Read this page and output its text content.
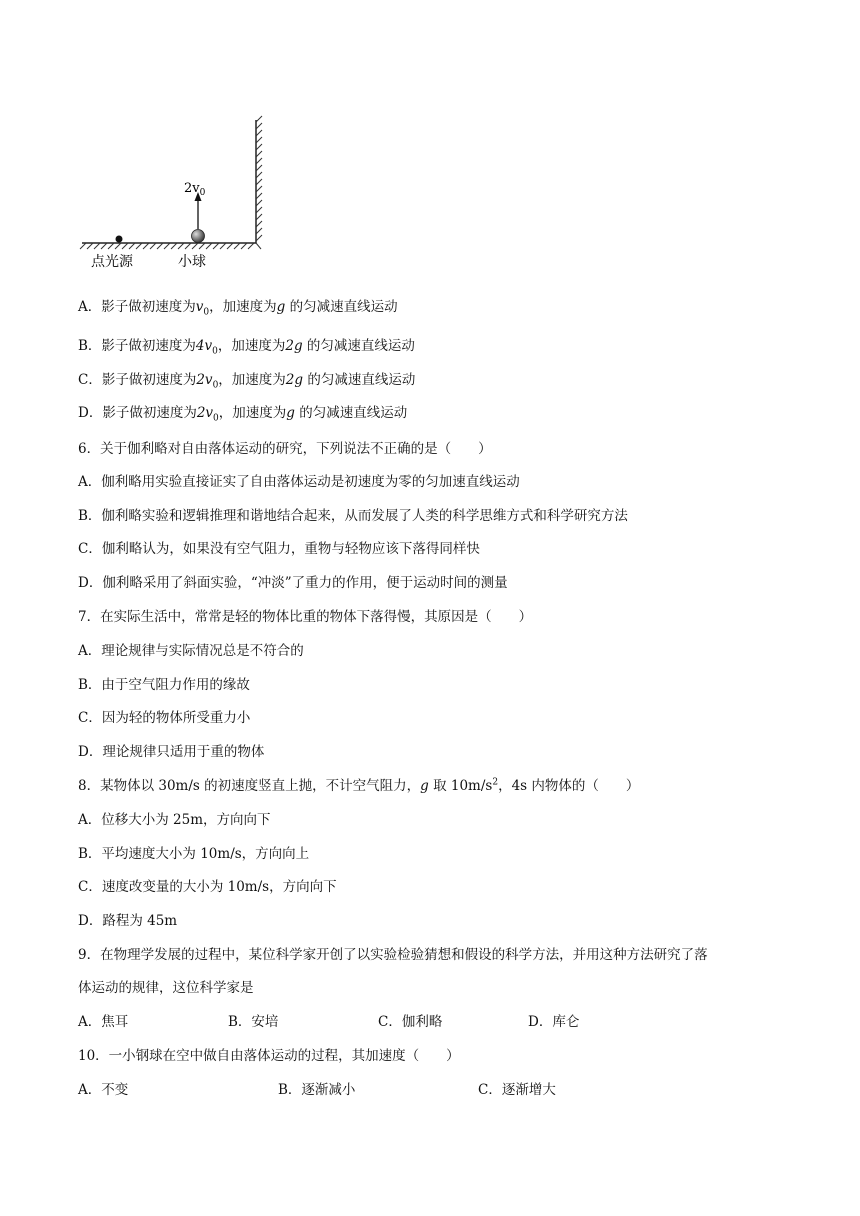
$2v_0$
点光源	小球
A．影子做初速度为$v_0$，加速度为g 的匀减速直线运动
B．影子做初速度为$4v_0$，加速度为2g 的匀减速直线运动
C．影子做初速度为$2v_0$，加速度为2g 的匀减速直线运动
D．影子做初速度为$2v_0$，加速度为g 的匀减速直线运动
6．关于伽利略对自由落体运动的研究，下列说法不正确的是（　　）
A．伽利略用实验直接证实了自由落体运动是初速度为零的匀加速直线运动
B．伽利略实验和逻辑推理和谐地结合起来，从而发展了人类的科学思维方式和科学研究方法
C．伽利略认为，如果没有空气阻力，重物与轻物应该下落得同样快
D．伽利略采用了斜面实验，“冲淡”了重力的作用，便于运动时间的测量
7．在实际生活中，常常是轻的物体比重的物体下落得慢，其原因是（　　）
A．理论规律与实际情况总是不符合的
B．由于空气阻力作用的缘故
C．因为轻的物体所受重力小
D．理论规律只适用于重的物体
8．某物体以 30m/s 的初速度竖直上抛，不计空气阻力，g 取 $10m/s^2$，4s 内物体的（　　）
A．位移大小为 25m，方向向下
B．平均速度大小为 10m/s，方向向上
C．速度改变量的大小为 10m/s，方向向下
D．路程为 45m
9．在物理学发展的过程中，某位科学家开创了以实验检验猜想和假设的科学方法，并用这种方法研究了落
体运动的规律，这位科学家是
A．焦耳	B．安培	C．伽利略	D．库仑
10．一小钢球在空中做自由落体运动的过程，其加速度（　　）
A．不变	B．逐渐减小	C．逐渐增大
